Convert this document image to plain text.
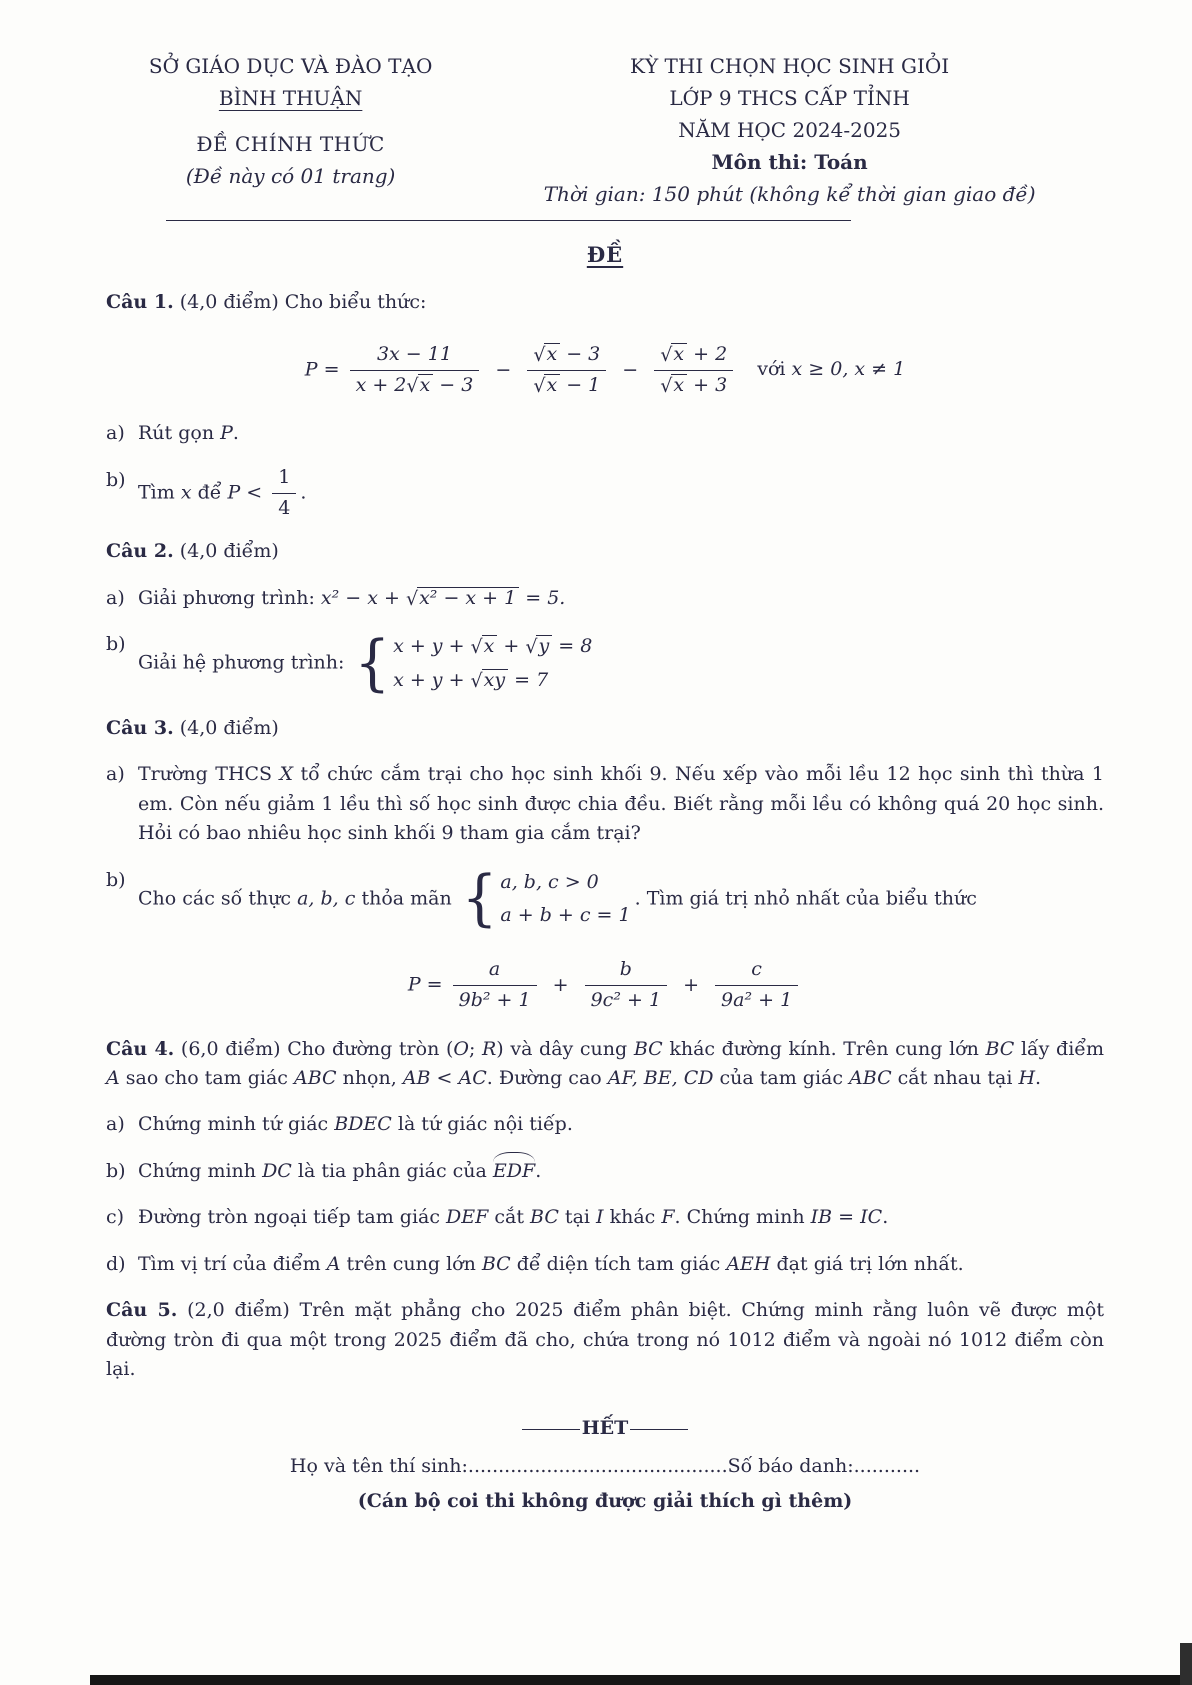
SỞ GIÁO DỤC VÀ ĐÀO TẠO
BÌNH THUẬN
ĐỀ CHÍNH THỨC
(Đề này có 01 trang)
KỲ THI CHỌN HỌC SINH GIỎI
LỚP 9 THCS CẤP TỈNH
NĂM HỌC 2024-2025
Môn thi: Toán
Thời gian: 150 phút (không kể thời gian giao đề)
ĐỀ

Câu 1. (4,0 điểm) Cho biểu thức:

$P = \frac{3x - 11}{x + 2√x - 3} - \frac{√x - 3}{√x - 1} - \frac{√x + 2}{√x + 3}$ với x ≥ 0, x ≠ 1
a) Rút gọn P.
b)
Tìm x để $P < \frac{1}{4}$ .

Câu 2. (4,0 điểm)

a) Giải phương trình: x² − x + √x² − x + 1 = 5.
b)
Giải hệ phương trình: { x + y + √x + √y = 8
x + y + √xy = 7

Câu 3. (4,0 điểm)

a) Trường THCS X tổ chức cắm trại cho học sinh khối 9. Nếu xếp vào mỗi lều 12 học sinh thì thừa 1 em. Còn nếu giảm 1 lều thì số học sinh được chia đều. Biết rằng mỗi lều có không quá 20 học sinh. Hỏi có bao nhiêu học sinh khối 9 tham gia cắm trại?
b)
Cho các số thực a, b, c thỏa mãn { a, b, c > 0
a + b + c = 1
. Tìm giá trị nhỏ nhất của biểu thức
$P = \frac{a}{\text{9b² + 1}} + \frac{b}{\text{9c² + 1}} + \frac{c}{\text{9a² + 1}}$

Câu 4. (6,0 điểm) Cho đường tròn (O; R) và dây cung BC khác đường kính. Trên cung lớn BC lấy điểm A sao cho tam giác ABC nhọn, AB < AC. Đường cao AF, BE, CD của tam giác ABC cắt nhau tại H.

a) Chứng minh tứ giác BDEC là tứ giác nội tiếp.
b) Chứng minh DC là tia phân giác của EDF.
c) Đường tròn ngoại tiếp tam giác DEF cắt BC tại I khác F. Chứng minh IB = IC.
d) Tìm vị trí của điểm A trên cung lớn BC để diện tích tam giác AEH đạt giá trị lớn nhất.

Câu 5. (2,0 điểm) Trên mặt phẳng cho 2025 điểm phân biệt. Chứng minh rằng luôn vẽ được một đường tròn đi qua một trong 2025 điểm đã cho, chứa trong nó 1012 điểm và ngoài nó 1012 điểm còn lại.

HẾT
Họ và tên thí sinh:...........................................Số báo danh:...........
(Cán bộ coi thi không được giải thích gì thêm)
